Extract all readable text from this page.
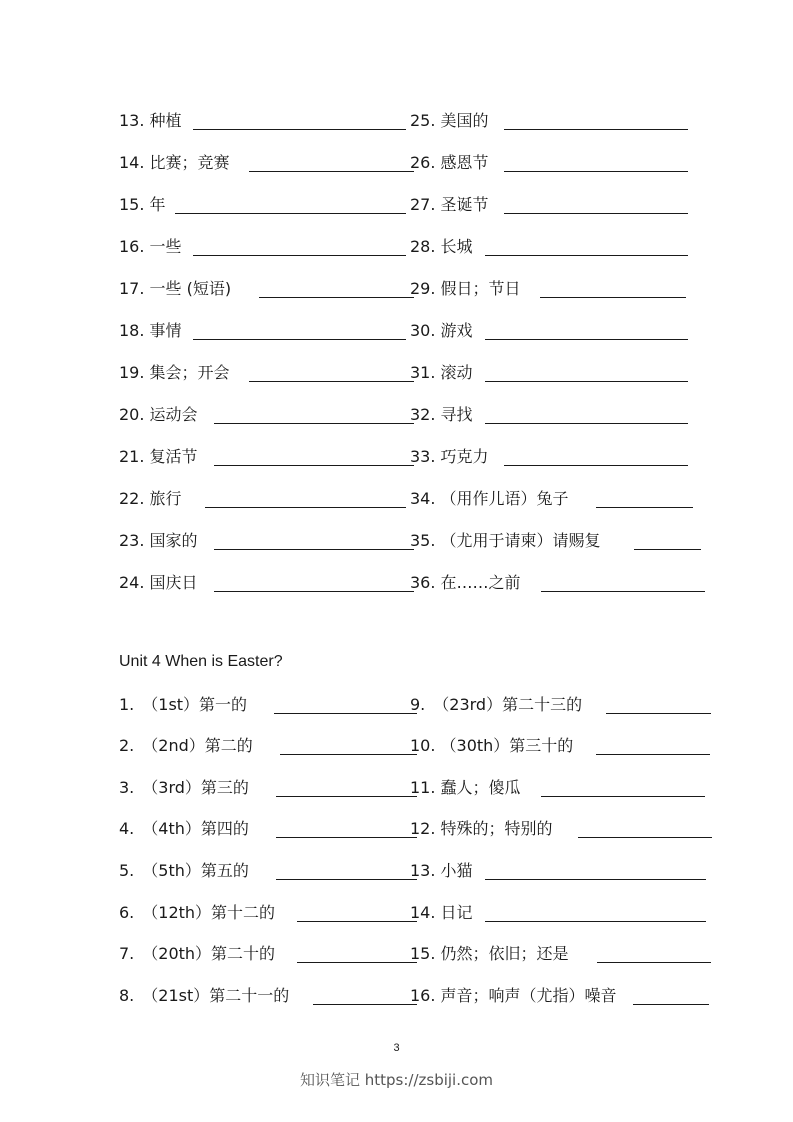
13. 种植	25. 美国的
14. 比赛；竞赛	26. 感恩节
15. 年	27. 圣诞节
16. 一些	28. 长城
17. 一些 (短语)	29. 假日；节日
18. 事情	30. 游戏
19. 集会；开会	31. 滚动
20. 运动会	32. 寻找
21. 复活节	33. 巧克力
22. 旅行	34. （用作儿语）兔子
23. 国家的	35. （尤用于请柬）请赐复
24. 国庆日	36. 在……之前
Unit 4 When is Easter?
1.　（1st）第一的	9.　（23rd）第二十三的
2.　（2nd）第二的	10. （30th）第三十的
3.　（3rd）第三的	11. 蠢人；傻瓜
4.　（4th）第四的	12. 特殊的；特别的
5.　（5th）第五的	13. 小猫
6.　（12th）第十二的	14. 日记
7.　（20th）第二十的	15. 仍然；依旧；还是
8.　（21st）第二十一的	16. 声音；响声（尤指）噪音
3
知识笔记 https://zsbiji.com
